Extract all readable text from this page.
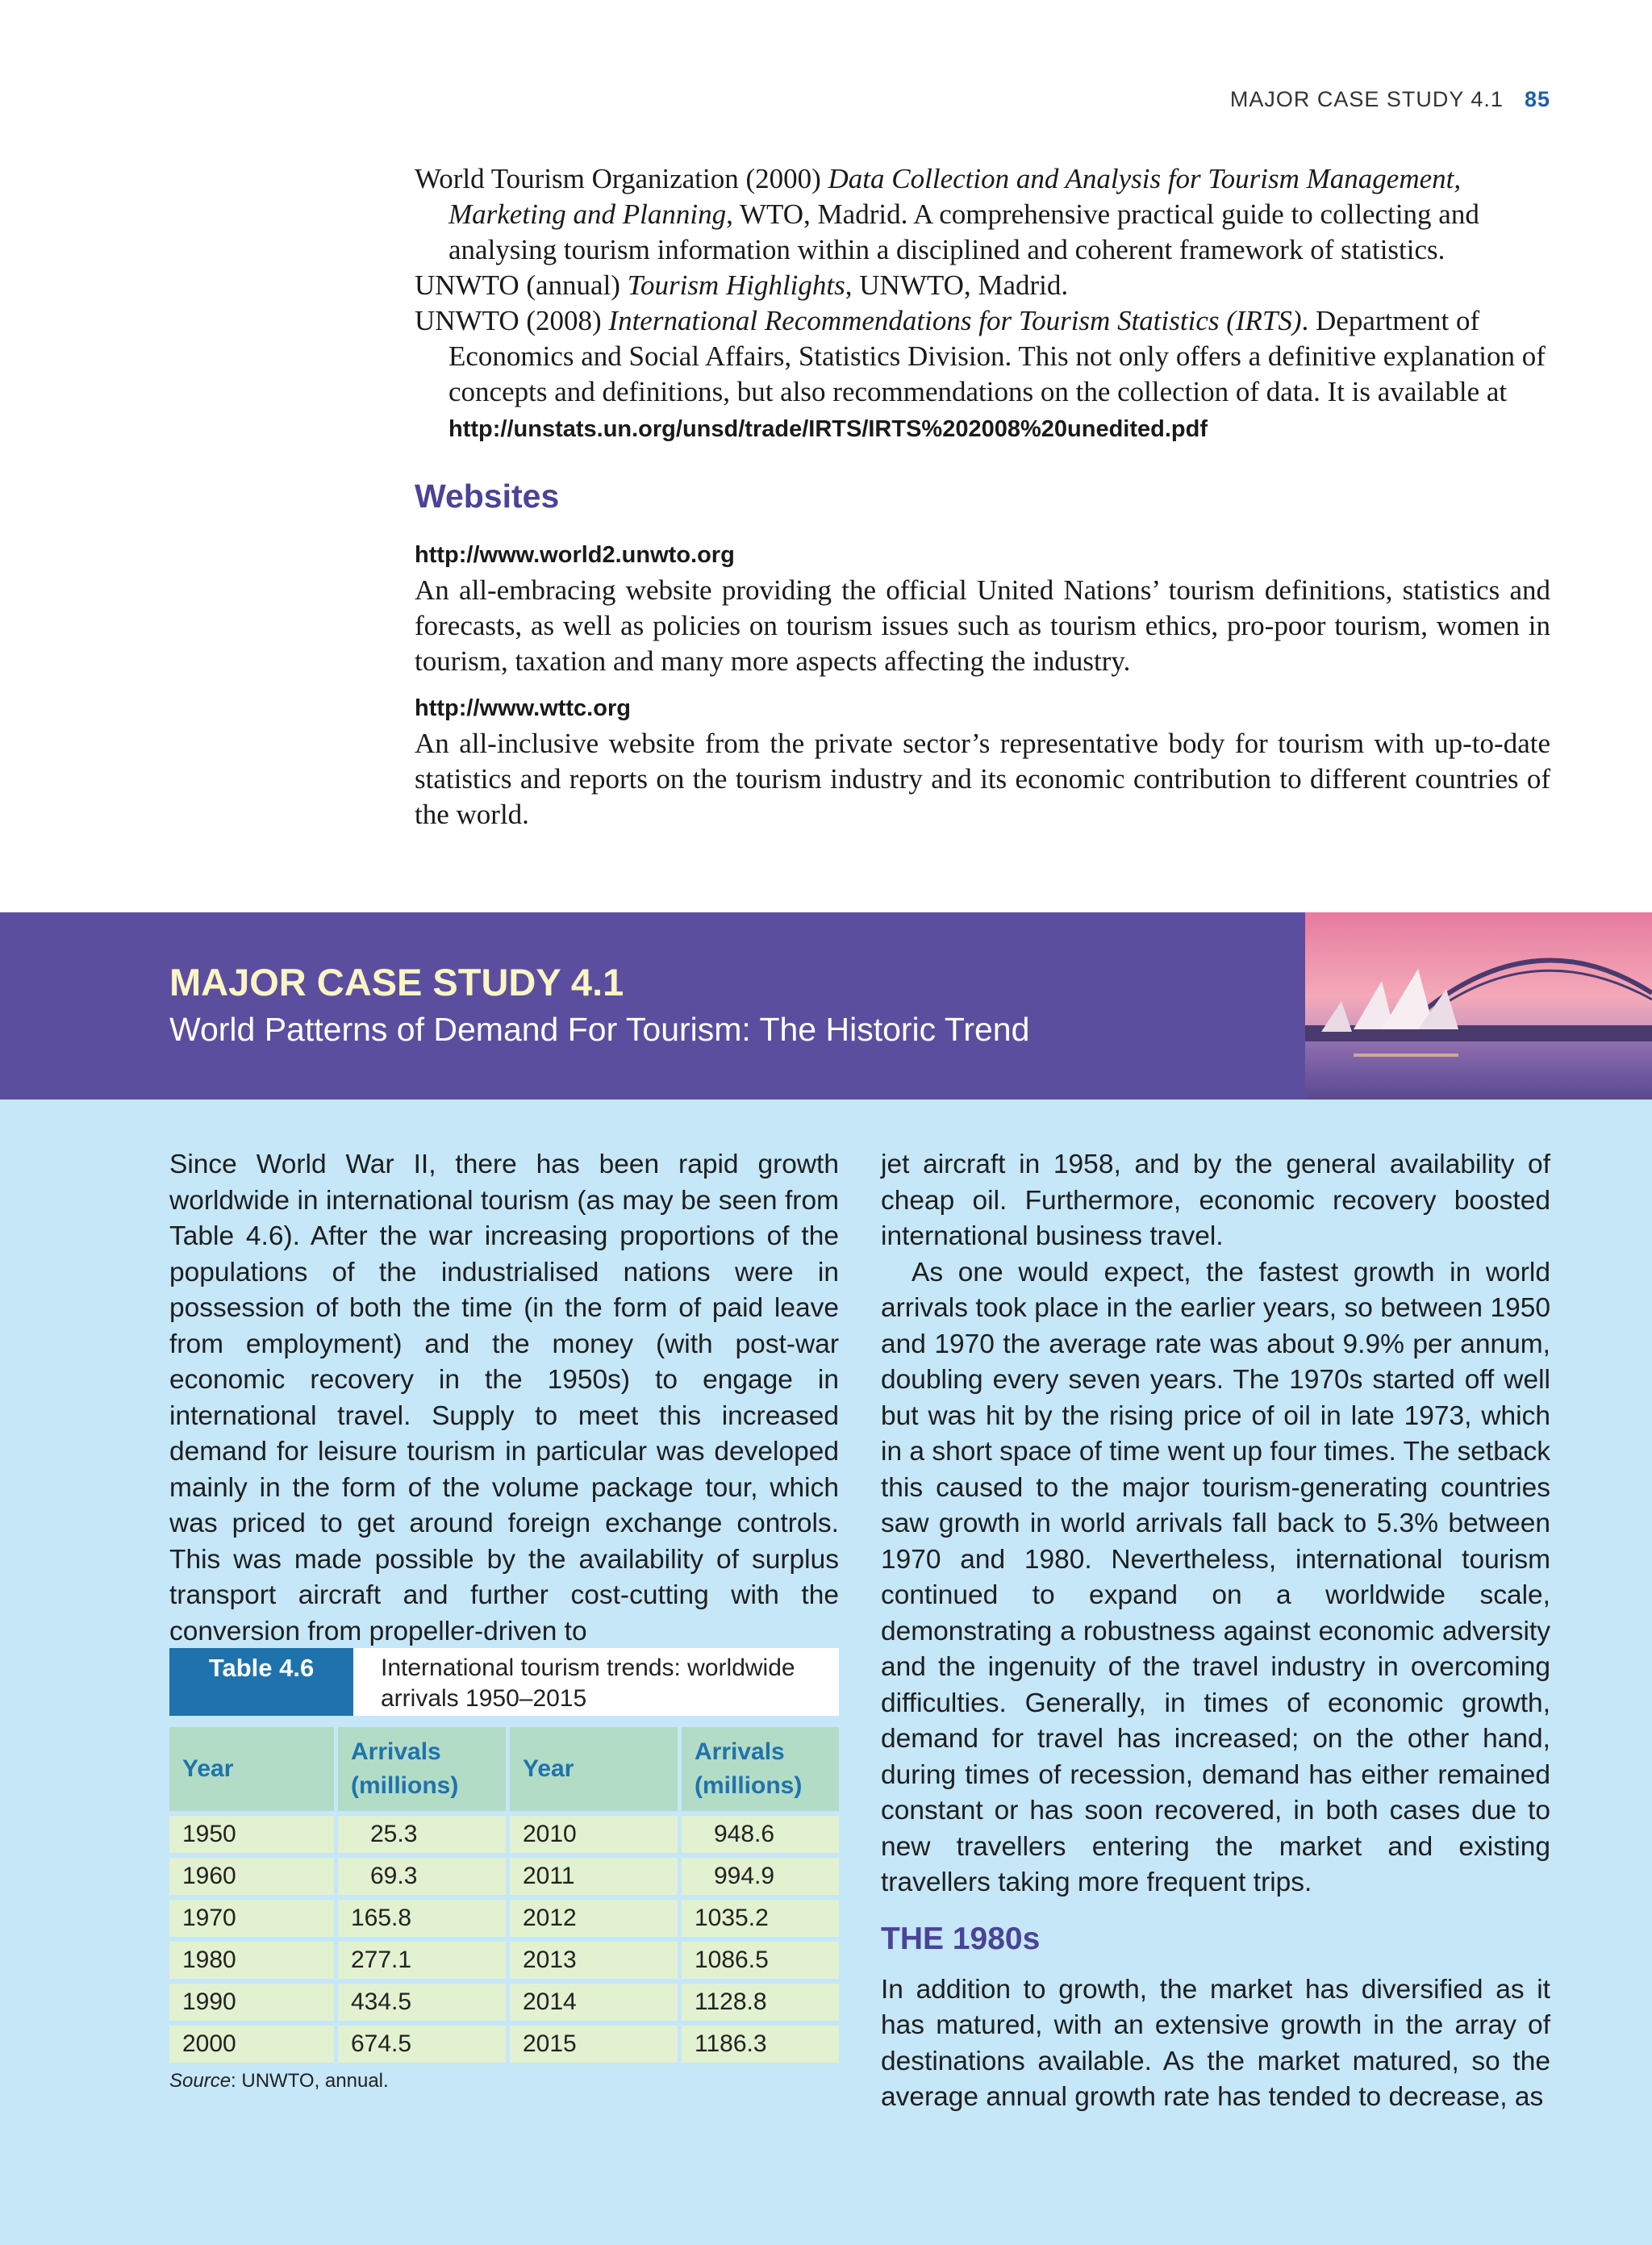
MAJOR CASE STUDY 4.1 85

World Tourism Organization (2000) Data Collection and Analysis for Tourism Management, Marketing and Planning, WTO, Madrid. A comprehensive practical guide to collecting and analysing tourism information within a disciplined and coherent framework of statistics.

UNWTO (annual) Tourism Highlights, UNWTO, Madrid.

UNWTO (2008) International Recommendations for Tourism Statistics (IRTS). Department of Economics and Social Affairs, Statistics Division. This not only offers a definitive explanation of concepts and definitions, but also recommendations on the collection of data. It is available at http://unstats.un.org/unsd/trade/IRTS/IRTS%202008%20unedited.pdf

Websites
http://www.world2.unwto.org

An all-embracing website providing the official United Nations’ tourism definitions, statistics and forecasts, as well as policies on tourism issues such as tourism ethics, pro-poor tourism, women in tourism, taxation and many more aspects affecting the industry.

http://www.wttc.org

An all-inclusive website from the private sector’s representative body for tourism with up-to-date statistics and reports on the tourism industry and its economic contribution to different countries of the world.

MAJOR CASE STUDY 4.1

World Patterns of Demand For Tourism: The Historic Trend

Since World War II, there has been rapid growth worldwide in international tourism (as may be seen from Table 4.6). After the war increasing proportions of the populations of the industrialised nations were in possession of both the time (in the form of paid leave from employment) and the money (with post-war economic recovery in the 1950s) to engage in international travel. Supply to meet this increased demand for leisure tourism in particular was developed mainly in the form of the volume package tour, which was priced to get around foreign exchange controls. This was made possible by the availability of surplus transport aircraft and further cost-cutting with the conversion from propeller-driven to

Table 4.6	International tourism trends: worldwide arrivals 1950–2015
Year	Arrivals (millions)	Year	Arrivals (millions)
1950	25.3	2010	948.6
1960	69.3	2011	994.9
1970	165.8	2012	1035.2
1980	277.1	2013	1086.5
1990	434.5	2014	1128.8
2000	674.5	2015	1186.3
Source: UNWTO, annual.

jet aircraft in 1958, and by the general availability of cheap oil. Furthermore, economic recovery boosted international business travel.

As one would expect, the fastest growth in world arrivals took place in the earlier years, so between 1950 and 1970 the average rate was about 9.9% per annum, doubling every seven years. The 1970s started off well but was hit by the rising price of oil in late 1973, which in a short space of time went up four times. The setback this caused to the major tourism-generating countries saw growth in world arrivals fall back to 5.3% between 1970 and 1980. Nevertheless, international tourism continued to expand on a worldwide scale, demonstrating a robustness against economic adversity and the ingenuity of the travel industry in overcoming difficulties. Generally, in times of economic growth, demand for travel has increased; on the other hand, during times of recession, demand has either remained constant or has soon recovered, in both cases due to new travellers entering the market and existing travellers taking more frequent trips.

THE 1980s

In addition to growth, the market has diversified as it has matured, with an extensive growth in the array of destinations available. As the market matured, so the average annual growth rate has tended to decrease, as
